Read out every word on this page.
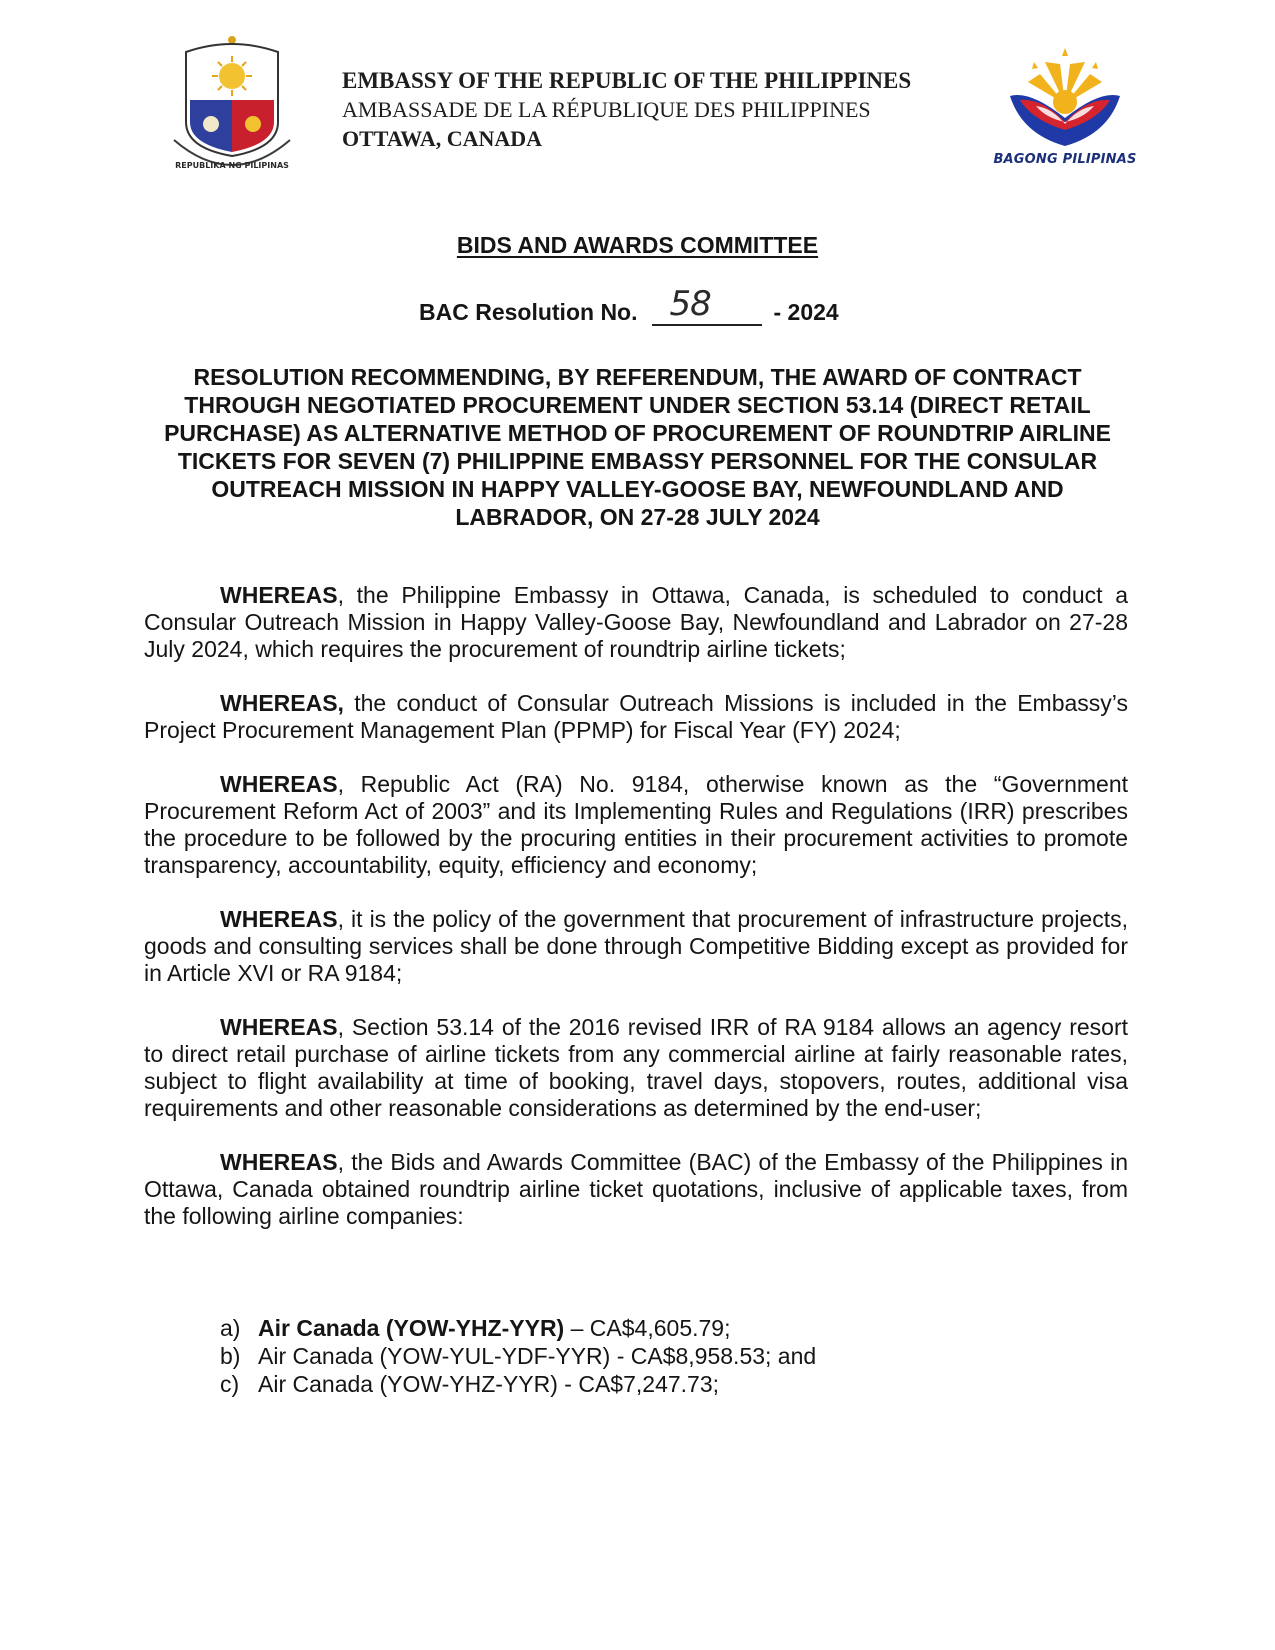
REPUBLIKA NG PILIPINAS
EMBASSY OF THE REPUBLIC OF THE PHILIPPINES
AMBASSADE DE LA RÉPUBLIQUE DES PHILIPPINES
OTTAWA, CANADA
BAGONG PILIPINAS
BIDS AND AWARDS COMMITTEE
BAC Resolution No. 58	- 2024

RESOLUTION RECOMMENDING, BY REFERENDUM, THE AWARD OF CONTRACT THROUGH NEGOTIATED PROCUREMENT UNDER SECTION 53.14 (DIRECT RETAIL PURCHASE) AS ALTERNATIVE METHOD OF PROCUREMENT OF ROUNDTRIP AIRLINE TICKETS FOR SEVEN (7) PHILIPPINE EMBASSY PERSONNEL FOR THE CONSULAR OUTREACH MISSION IN HAPPY VALLEY-GOOSE BAY, NEWFOUNDLAND AND LABRADOR, ON 27-28 JULY 2024

WHEREAS, the Philippine Embassy in Ottawa, Canada, is scheduled to conduct a Consular Outreach Mission in Happy Valley-Goose Bay, Newfoundland and Labrador on 27-28 July 2024, which requires the procurement of roundtrip airline tickets;

WHEREAS, the conduct of Consular Outreach Missions is included in the Embassy’s Project Procurement Management Plan (PPMP) for Fiscal Year (FY) 2024;

WHEREAS, Republic Act (RA) No. 9184, otherwise known as the “Government Procurement Reform Act of 2003” and its Implementing Rules and Regulations (IRR) prescribes the procedure to be followed by the procuring entities in their procurement activities to promote transparency, accountability, equity, efficiency and economy;

WHEREAS, it is the policy of the government that procurement of infrastructure projects, goods and consulting services shall be done through Competitive Bidding except as provided for in Article XVI or RA 9184;

WHEREAS, Section 53.14 of the 2016 revised IRR of RA 9184 allows an agency resort to direct retail purchase of airline tickets from any commercial airline at fairly reasonable rates, subject to flight availability at time of booking, travel days, stopovers, routes, additional visa requirements and other reasonable considerations as determined by the end-user;

WHEREAS, the Bids and Awards Committee (BAC) of the Embassy of the Philippines in Ottawa, Canada obtained roundtrip airline ticket quotations, inclusive of applicable taxes, from the following airline companies:

a) Air Canada (YOW-YHZ-YYR) – CA$4,605.79;
b) Air Canada (YOW-YUL-YDF-YYR) - CA$8,958.53; and
c) Air Canada (YOW-YHZ-YYR) - CA$7,247.73;
